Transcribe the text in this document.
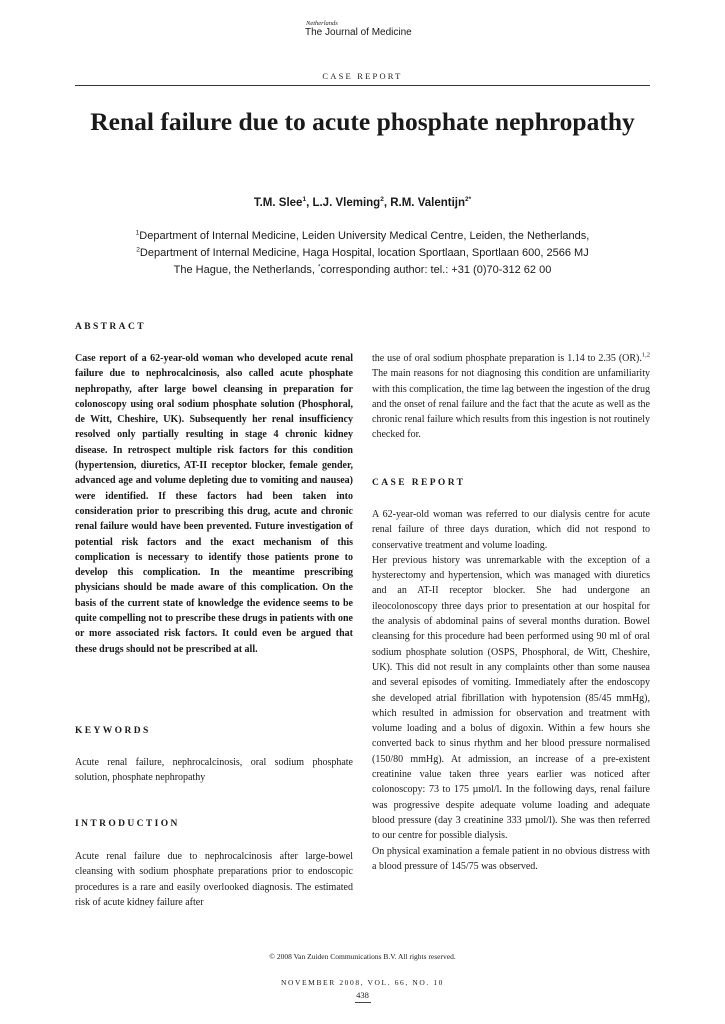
Netherlands
The Journal of Medicine
CASE REPORT
Renal failure due to acute phosphate nephropathy
T.M. Slee$^1$, L.J. Vleming$^2$, R.M. Valentijn$^{2*}$
$^1$Department of Internal Medicine, Leiden University Medical Centre, Leiden, the Netherlands,
$^2$Department of Internal Medicine, Haga Hospital, location Sportlaan, Sportlaan 600, 2566 MJ
The Hague, the Netherlands, *corresponding author: tel.: +31 (0)70-312 62 00
ABSTRACT
Case report of a 62-year-old woman who developed acute renal failure due to nephrocalcinosis, also called acute phosphate nephropathy, after large bowel cleansing in preparation for colonoscopy using oral sodium phosphate solution (Phosphoral, de Witt, Cheshire, UK). Subsequently her renal insufficiency resolved only partially resulting in stage 4 chronic kidney disease. In retrospect multiple risk factors for this condition (hypertension, diuretics, AT-II receptor blocker, female gender, advanced age and volume depleting due to vomiting and nausea) were identified. If these factors had been taken into consideration prior to prescribing this drug, acute and chronic renal failure would have been prevented. Future investigation of potential risk factors and the exact mechanism of this complication is necessary to identify those patients prone to develop this complication. In the meantime prescribing physicians should be made aware of this complication. On the basis of the current state of knowledge the evidence seems to be quite compelling not to prescribe these drugs in patients with one or more associated risk factors. It could even be argued that these drugs should not be prescribed at all.
KEYWORDS
Acute renal failure, nephrocalcinosis, oral sodium phosphate solution, phosphate nephropathy
INTRODUCTION
Acute renal failure due to nephrocalcinosis after large-bowel cleansing with sodium phosphate preparations prior to endoscopic procedures is a rare and easily overlooked diagnosis. The estimated risk of acute kidney failure after
the use of oral sodium phosphate preparation is 1.14 to 2.35 (OR).$^{1,2}$ The main reasons for not diagnosing this condition are unfamiliarity with this complication, the time lag between the ingestion of the drug and the onset of renal failure and the fact that the acute as well as the chronic renal failure which results from this ingestion is not routinely checked for.
CASE REPORT
A 62-year-old woman was referred to our dialysis centre for acute renal failure of three days duration, which did not respond to conservative treatment and volume loading.
Her previous history was unremarkable with the exception of a hysterectomy and hypertension, which was managed with diuretics and an AT-II receptor blocker. She had undergone an ileocolonoscopy three days prior to presentation at our hospital for the analysis of abdominal pains of several months duration. Bowel cleansing for this procedure had been performed using 90 ml of oral sodium phosphate solution (OSPS, Phosphoral, de Witt, Cheshire, UK). This did not result in any complaints other than some nausea and several episodes of vomiting. Immediately after the endoscopy she developed atrial fibrillation with hypotension (85/45 mmHg), which resulted in admission for observation and treatment with volume loading and a bolus of digoxin. Within a few hours she converted back to sinus rhythm and her blood pressure normalised (150/80 mmHg). At admission, an increase of a pre-existent creatinine value taken three years earlier was noticed after colonoscopy: 73 to 175 µmol/l. In the following days, renal failure was progressive despite adequate volume loading and adequate blood pressure (day 3 creatinine 333 µmol/l). She was then referred to our centre for possible dialysis.
On physical examination a female patient in no obvious distress with a blood pressure of 145/75 was observed.
© 2008 Van Zuiden Communications B.V. All rights reserved.
NOVEMBER 2008, VOL. 66, NO. 10
438
